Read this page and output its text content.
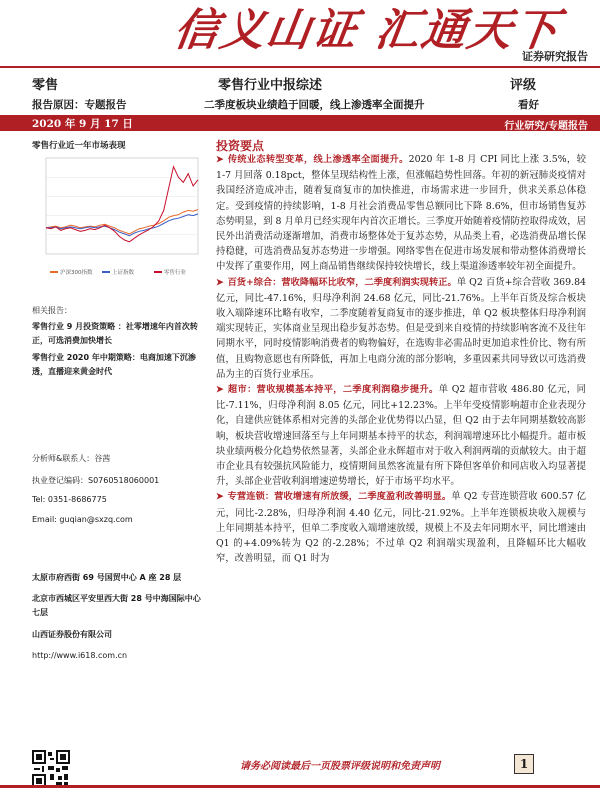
信义山证 汇通天下
证券研究报告
零售	零售行业中报综述	评级
报告原因：专题报告	二季度板块业绩趋于回暖，线上渗透率全面提升	看好
2020 年 9 月 17 日	行业研究/专题报告
零售行业近一年市场表现
沪深300指数	上证指数	零售行业
相关报告：
零售行业 9 月投资策略 ：社零增速年内首次转正，可选消费加快增长
零售行业 2020 年中期策略：电商加速下沉渗透，直播迎来黄金时代
分析师&联系人：谷茜
执业登记编码：S0760518060001
Tel: 0351-8686775
Email: guqian@sxzq.com
太原市府西街 69 号国贸中心 A 座 28 层
北京市西城区平安里西大街 28 号中海国际中心七层
山西证券股份有限公司
http://www.i618.com.cn
投资要点

➤ 传统业态转型变革，线上渗透率全面提升。2020 年 1-8 月 CPI 同比上涨 3.5%，较 1-7 月回落 0.18pct，整体呈现结构性上涨，但涨幅趋势性回落。年初的新冠肺炎疫情对我国经济造成冲击，随着复商复市的加快推进，市场需求进一步回升，供求关系总体稳定。受到疫情的持续影响，1-8 月社会消费品零售总额同比下降 8.6%，但市场销售复苏态势明显，到 8 月单月已经实现年内首次正增长。三季度开始随着疫情防控取得成效，居民外出消费活动逐渐增加，消费市场整体处于复苏态势，从品类上看，必选消费品增长保持稳健，可选消费品复苏态势进一步增强。网络零售在促进市场发展和带动整体消费增长中发挥了重要作用，网上商品销售继续保持较快增长，线上渠道渗透率较年初全面提升。

➤ 百货+综合：营收降幅环比收窄，二季度利润实现转正。单 Q2 百货+综合营收 369.84 亿元，同比-47.16%，归母净利润 24.68 亿元，同比-21.76%。上半年百货及综合板块收入端降速环比略有收窄，二季度随着复商复市的逐步推进，单 Q2 板块整体归母净利润端实现转正，实体商业呈现出稳步复苏态势。但是受到来自疫情的持续影响客流不及往年同期水平，同时疫情影响消费者的购物偏好，在选购非必需品时更加追求性价比、物有所值，且购物意愿也有所降低，再加上电商分流的部分影响，多重因素共同导致以可选消费品为主的百货行业承压。

➤ 超市：营收规模基本持平，二季度利润稳步提升。单 Q2 超市营收 486.80 亿元，同比-7.11%，归母净利润 8.05 亿元，同比+12.23%。上半年受疫情影响超市企业表现分化，自建供应链体系相对完善的头部企业优势得以凸显，但 Q2 由于去年同期基数较高影响，板块营收增速回落至与上年同期基本持平的状态，利润端增速环比小幅提升。超市板块业绩两极分化趋势依然显著，头部企业永辉超市对于收入利润两端的贡献较大。由于超市企业具有较强抗风险能力，疫情期间虽然客流量有所下降但客单价和同店收入均显著提升，头部企业营收利润增速逆势增长，好于市场平均水平。

➤ 专营连锁：营收增速有所放缓，二季度盈利改善明显。单 Q2 专营连锁营收 600.57 亿元，同比-2.28%，归母净利润 4.40 亿元，同比-21.92%。上半年连锁板块收入规模与上年同期基本持平，但单二季度收入端增速放缓，规模上不及去年同期水平，同比增速由 Q1 的+4.09%转为 Q2 的-2.28%；不过单 Q2 利润端实现盈利，且降幅环比大幅收窄，改善明显，而 Q1 时为

请务必阅读最后一页股票评级说明和免责声明	1
